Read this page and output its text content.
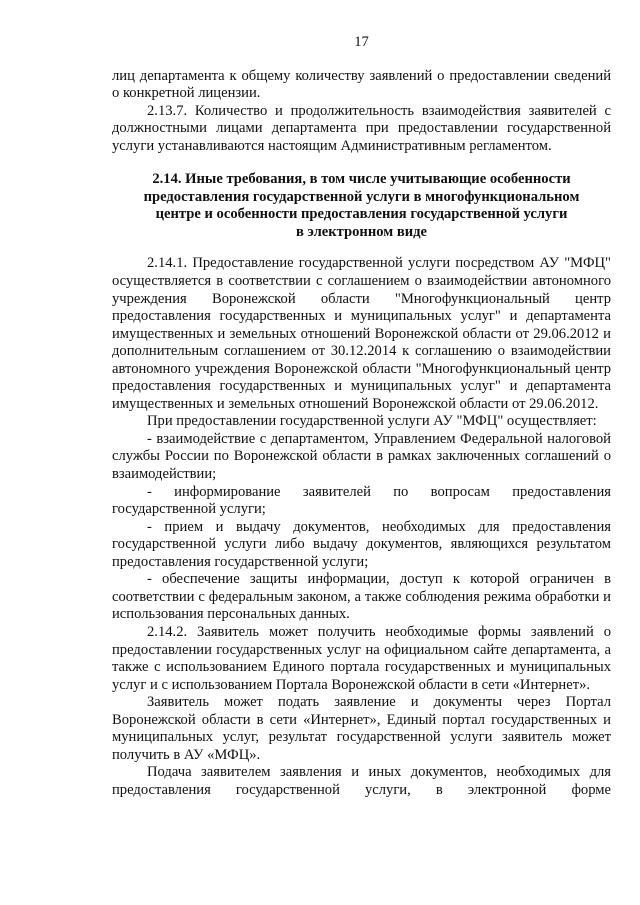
17

лиц департамента к общему количеству заявлений о предоставлении сведений о конкретной лицензии.

2.13.7. Количество и продолжительность взаимодействия заявителей с должностными лицами департамента при предоставлении государственной услуги устанавливаются настоящим Административным регламентом.

2.14. Иные требования, в том числе учитывающие особенности
предоставления государственной услуги в многофункциональном
центре и особенности предоставления государственной услуги
в электронном виде

2.14.1. Предоставление государственной услуги посредством АУ "МФЦ" осуществляется в соответствии с соглашением о взаимодействии автономного учреждения Воронежской области "Многофункциональный центр предоставления государственных и муниципальных услуг" и департамента имущественных и земельных отношений Воронежской области от 29.06.2012 и дополнительным соглашением от 30.12.2014 к соглашению о взаимодействии автономного учреждения Воронежской области "Многофункциональный центр предоставления государственных и муниципальных услуг" и департамента имущественных и земельных отношений Воронежской области от 29.06.2012.

При предоставлении государственной услуги АУ "МФЦ" осуществляет:

- взаимодействие с департаментом, Управлением Федеральной налоговой службы России по Воронежской области в рамках заключенных соглашений о взаимодействии;

- информирование заявителей по вопросам предоставления государственной услуги;

- прием и выдачу документов, необходимых для предоставления государственной услуги либо выдачу документов, являющихся результатом предоставления государственной услуги;

- обеспечение защиты информации, доступ к которой ограничен в соответствии с федеральным законом, а также соблюдения режима обработки и использования персональных данных.

2.14.2. Заявитель может получить необходимые формы заявлений о предоставлении государственных услуг на официальном сайте департамента, а также с использованием Единого портала государственных и муниципальных услуг и с использованием Портала Воронежской области в сети «Интернет».

Заявитель может подать заявление и документы через Портал Воронежской области в сети «Интернет», Единый портал государственных и муниципальных услуг, результат государственной услуги заявитель может получить в АУ «МФЦ».

Подача заявителем заявления и иных документов, необходимых для предоставления государственной услуги, в электронной форме
